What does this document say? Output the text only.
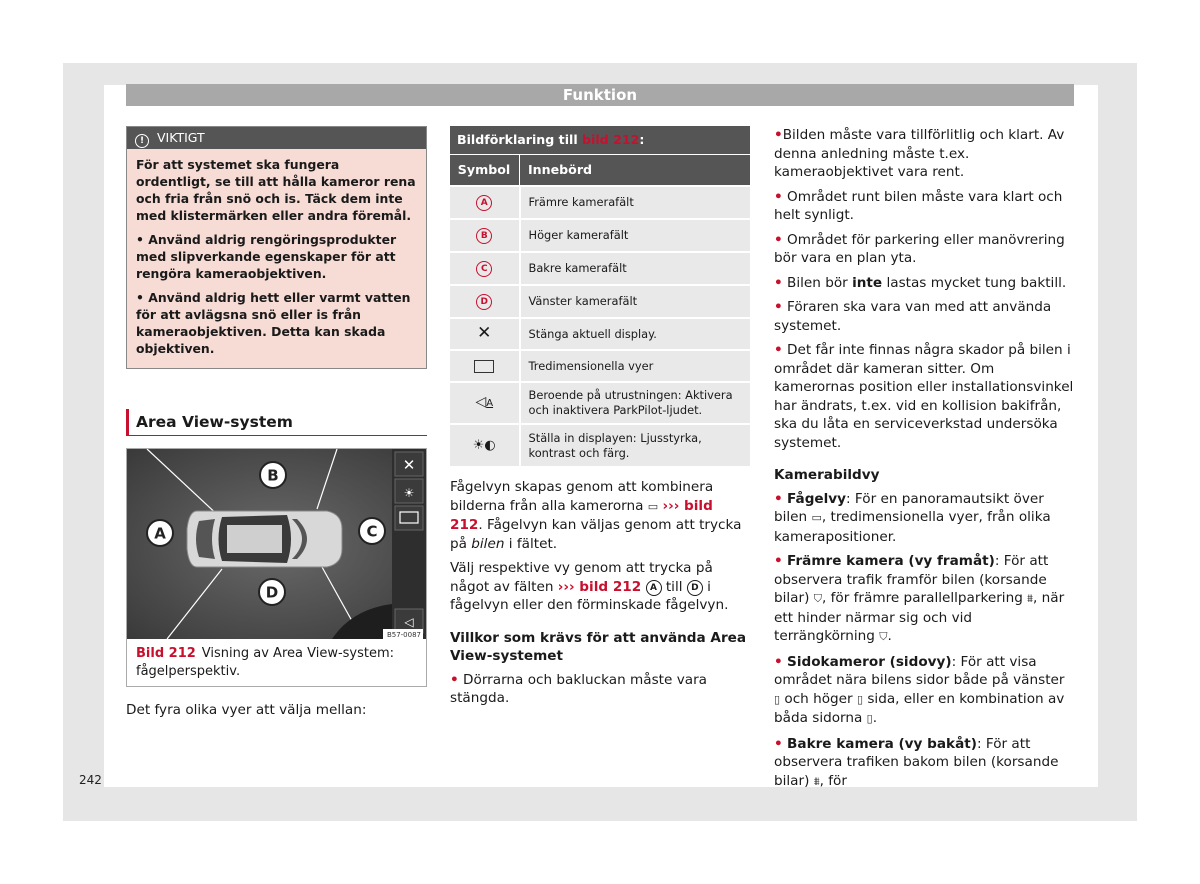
Funktion
! VIKTIGT

För att systemet ska fungera ordentligt, se till att hålla kameror rena och fria från snö och is. Täck dem inte med klistermärken eller andra föremål.

• Använd aldrig rengöringsprodukter med slipverkande egenskaper för att rengöra kameraobjektiven.

• Använd aldrig hett eller varmt vatten för att avlägsna snö eller is från kameraobjektiven. Detta kan skada objektiven.

Area View-system
✕
☀
◁
B
A	C
D
B57-0087
Bild 212 Visning av Area View-system: fågelperspektiv.

Det fyra olika vyer att välja mellan:

Bildförklaring till bild 212:
Symbol	Innebörd
A	Främre kamerafält
B	Höger kamerafält
C	Bakre kamerafält
D	Vänster kamerafält
✕	Stänga aktuell display.
	Tredimensionella vyer
◁A	Beroende på utrustningen: Aktivera och inaktivera ParkPilot-ljudet.
☀◐	Ställa in displayen: Ljusstyrka, kontrast och färg.

Fågelvyn skapas genom att kombinera bilderna från alla kamerorna ▭ ››› bild 212. Fågelvyn kan väljas genom att trycka på bilen i fältet.

Välj respektive vy genom att trycka på något av fälten ››› bild 212 A till D i fågelvyn eller den förminskade fågelvyn.

Villkor som krävs för att använda Area View-systemet

• Dörrarna och bakluckan måste vara stängda.

•Bilden måste vara tillförlitlig och klart. Av denna anledning måste t.ex. kameraobjektivet vara rent.

• Området runt bilen måste vara klart och helt synligt.

• Området för parkering eller manövrering bör vara en plan yta.

• Bilen bör inte lastas mycket tung baktill.

• Föraren ska vara van med att använda systemet.

• Det får inte finnas några skador på bilen i området där kameran sitter. Om kamerornas position eller installationsvinkel har ändrats, t.ex. vid en kollision bakifrån, ska du låta en serviceverkstad undersöka systemet.

Kamerabildvy

• Fågelvy: För en panoramautsikt över bilen ▭, tredimensionella vyer, från olika kamerapositioner.

• Främre kamera (vy framåt): För att observera trafik framför bilen (korsande bilar) ⛉, för främre parallellparkering ⩩, när ett hinder närmar sig och vid terrängkörning ⛉.

• Sidokameror (sidovy): För att visa området nära bilens sidor både på vänster ▯ och höger ▯ sida, eller en kombination av båda sidorna ▯.

• Bakre kamera (vy bakåt): För att observera trafiken bakom bilen (korsande bilar) ⩩, för

242
